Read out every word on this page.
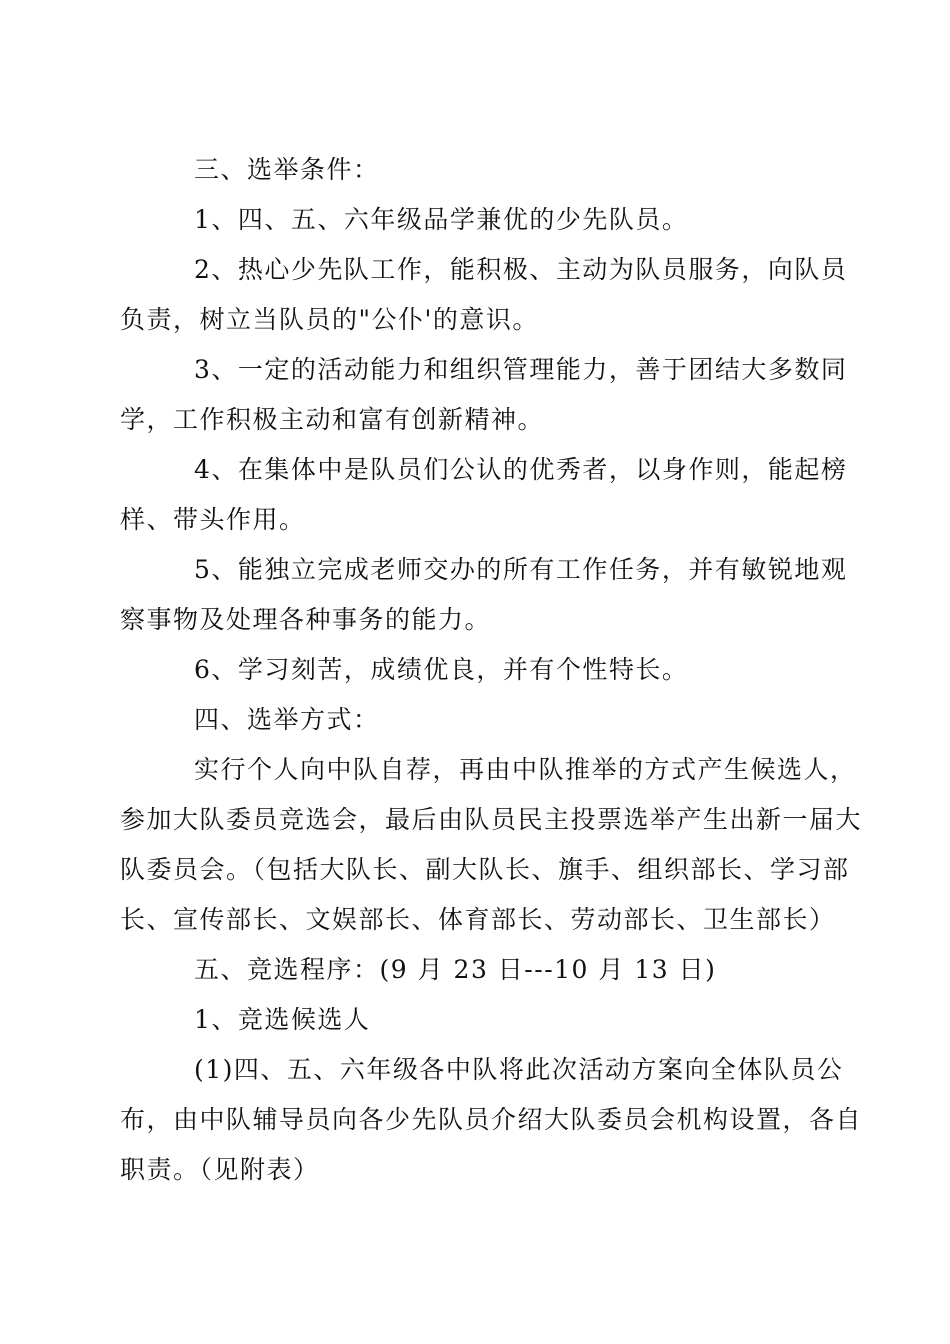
三、选举条件：
1、四、五、六年级品学兼优的少先队员。
2、热心少先队工作，能积极、主动为队员服务，向队员
负责，树立当队员的"公仆'的意识。
3、一定的活动能力和组织管理能力，善于团结大多数同
学，工作积极主动和富有创新精神。
4、在集体中是队员们公认的优秀者，以身作则，能起榜
样、带头作用。
5、能独立完成老师交办的所有工作任务，并有敏锐地观
察事物及处理各种事务的能力。
6、学习刻苦，成绩优良，并有个性特长。
四、选举方式：
实行个人向中队自荐，再由中队推举的方式产生候选人，
参加大队委员竞选会，最后由队员民主投票选举产生出新一届大
队委员会。（包括大队长、副大队长、旗手、组织部长、学习部
长、宣传部长、文娱部长、体育部长、劳动部长、卫生部长）
五、竞选程序：(9 月 23 日---10 月 13 日)
1、竞选候选人
(1)四、五、六年级各中队将此次活动方案向全体队员公
布，由中队辅导员向各少先队员介绍大队委员会机构设置，各自
职责。（见附表）
